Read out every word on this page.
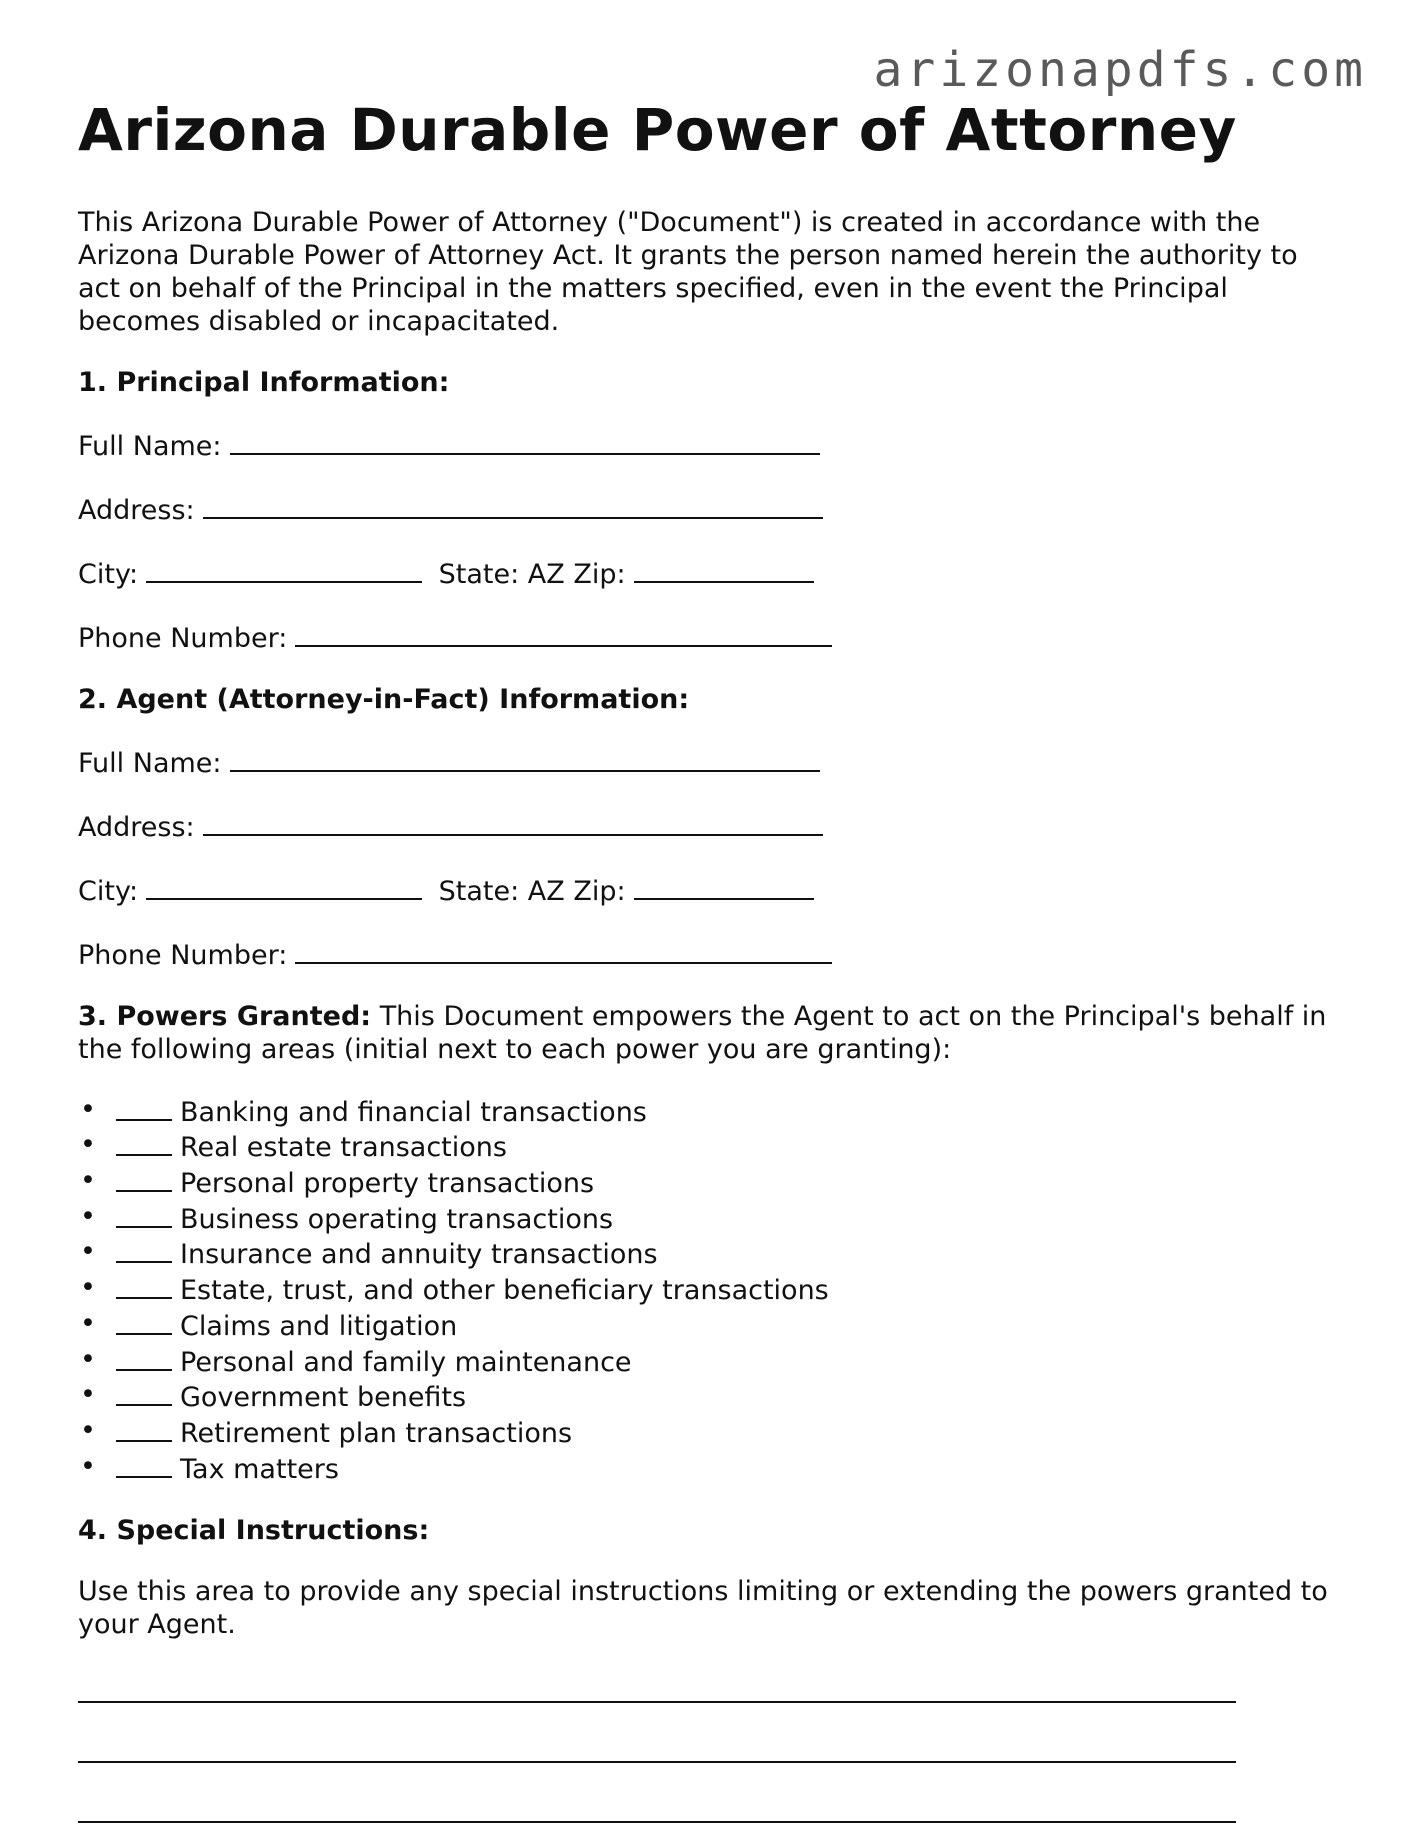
arizonapdfs.com
Arizona Durable Power of Attorney
This Arizona Durable Power of Attorney ("Document") is created in accordance with the Arizona Durable Power of Attorney Act. It grants the person named herein the authority to act on behalf of the Principal in the matters specified, even in the event the Principal becomes disabled or incapacitated.
1. Principal Information:
Full Name:
Address:
City:	State: AZ Zip:
Phone Number:
2. Agent (Attorney-in-Fact) Information:
Full Name:
Address:
City:	State: AZ Zip:
Phone Number:
3. Powers Granted: This Document empowers the Agent to act on the Principal's behalf in the following areas (initial next to each power you are granting):
•	Banking and financial transactions
•	Real estate transactions
•	Personal property transactions
•	Business operating transactions
•	Insurance and annuity transactions
•	Estate, trust, and other beneficiary transactions
•	Claims and litigation
•	Personal and family maintenance
•	Government benefits
•	Retirement plan transactions
•	Tax matters
4. Special Instructions:
Use this area to provide any special instructions limiting or extending the powers granted to your Agent.
